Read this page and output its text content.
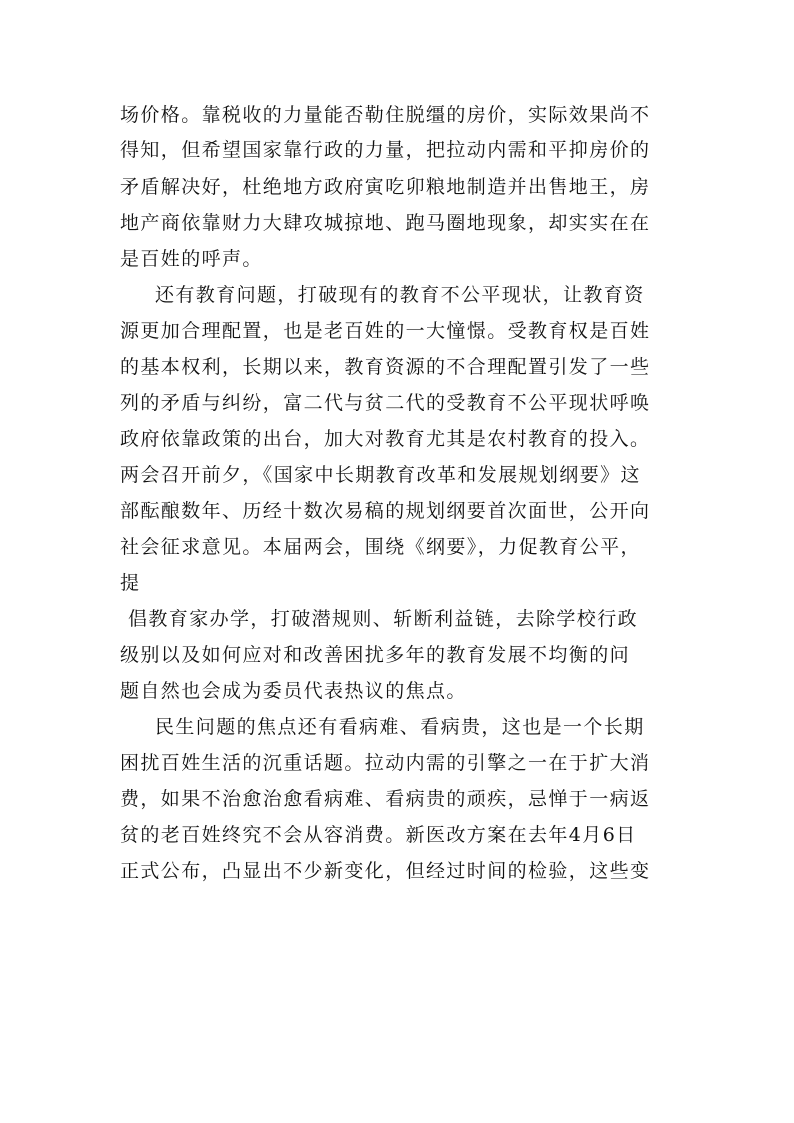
场价格。靠税收的力量能否勒住脱缰的房价，实际效果尚不
得知，但希望国家靠行政的力量，把拉动内需和平抑房价的
矛盾解决好，杜绝地方政府寅吃卯粮地制造并出售地王，房
地产商依靠财力大肆攻城掠地、跑马圈地现象，却实实在在
是百姓的呼声。
还有教育问题，打破现有的教育不公平现状，让教育资
源更加合理配置，也是老百姓的一大憧憬。受教育权是百姓
的基本权利，长期以来，教育资源的不合理配置引发了一些
列的矛盾与纠纷，富二代与贫二代的受教育不公平现状呼唤
政府依靠政策的出台，加大对教育尤其是农村教育的投入。
两会召开前夕，《国家中长期教育改革和发展规划纲要》这
部酝酿数年、历经十数次易稿的规划纲要首次面世，公开向
社会征求意见。本届两会，围绕《纲要》，力促教育公平，
提
倡教育家办学，打破潜规则、斩断利益链，去除学校行政
级别以及如何应对和改善困扰多年的教育发展不均衡的问
题自然也会成为委员代表热议的焦点。
民生问题的焦点还有看病难、看病贵，这也是一个长期
困扰百姓生活的沉重话题。拉动内需的引擎之一在于扩大消
费，如果不治愈治愈看病难、看病贵的顽疾，忌惮于一病返
贫的老百姓终究不会从容消费。新医改方案在去年4月6日
正式公布，凸显出不少新变化，但经过时间的检验，这些变
